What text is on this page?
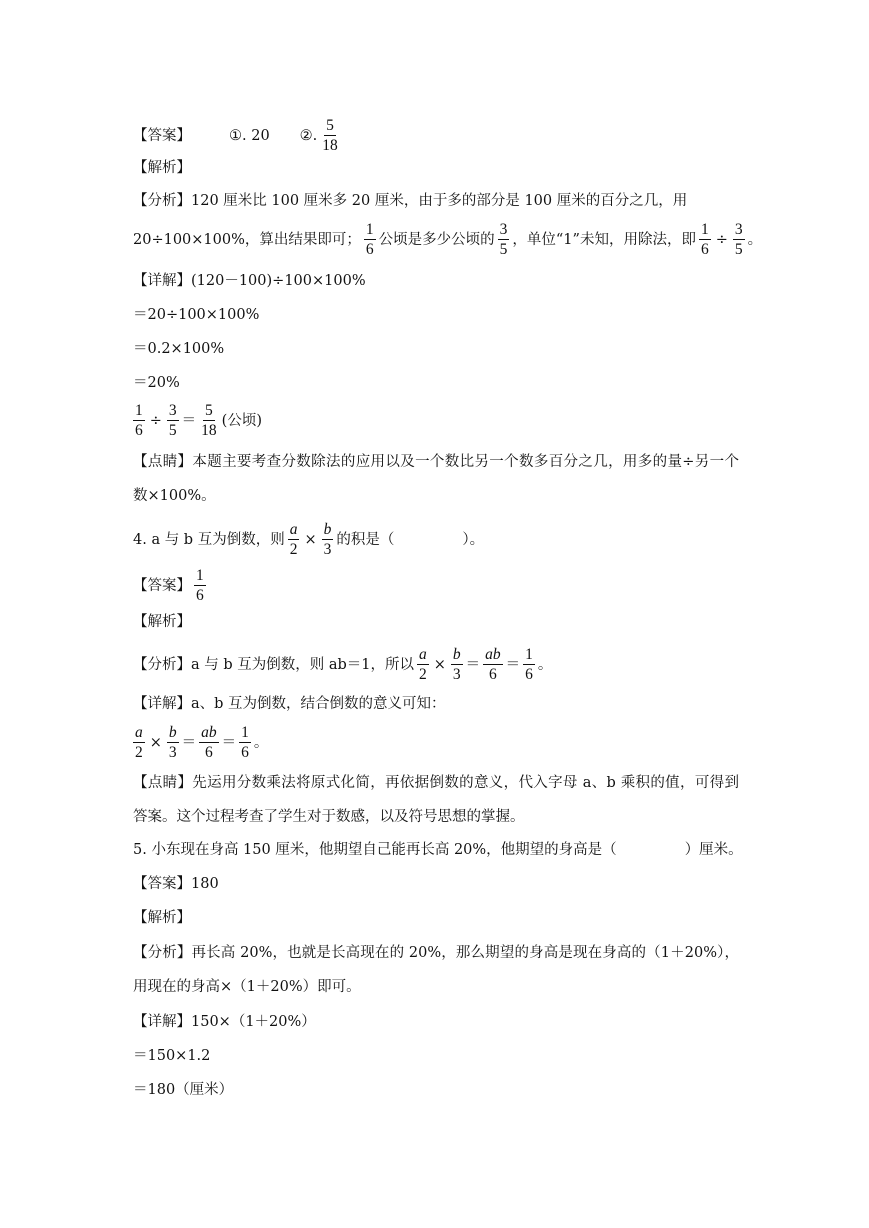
【答案】	①. 20 ②. $\frac{5}{18}$
【解析】
【分析】120 厘米比 100 厘米多 20 厘米，由于多的部分是 100 厘米的百分之几，用
20÷100×100%，算出结果即可； $\frac{1}{6}$ 公顷是多少公顷的 $\frac{3}{5}$ ，单位“1”未知，用除法，即 $\frac{1}{6} \div \frac{3}{5}$ 。
【详解】(120－100)÷100×100%
＝20÷100×100%
＝0.2×100%
＝20%
$\frac{1}{6} \div \frac{3}{5} = \frac{5}{18}$ (公顷)
【点睛】本题主要考查分数除法的应用以及一个数比另一个数多百分之几，用多的量÷另一个数×100%。
4. a 与 b 互为倒数，则 $\frac{a}{2} \times \frac{b}{3}$ 的积是（	）。
【答案】 $\frac{1}{6}$
【解析】
【分析】a 与 b 互为倒数，则 ab＝1，所以 $\frac{a}{2} \times \frac{b}{3} = \frac{ab}{6} = \frac{1}{6}$ 。
【详解】a、b 互为倒数，结合倒数的意义可知：
$\frac{a}{2} \times \frac{b}{3} = \frac{ab}{6} = \frac{1}{6}$ 。
【点睛】先运用分数乘法将原式化简，再依据倒数的意义，代入字母 a、b 乘积的值，可得到答案。这个过程考查了学生对于数感，以及符号思想的掌握。
5. 小东现在身高 150 厘米，他期望自己能再长高 20%，他期望的身高是（	）厘米。
【答案】180
【解析】
【分析】再长高 20%，也就是长高现在的 20%，那么期望的身高是现在身高的（1＋20%），用现在的身高×（1＋20%）即可。
【详解】150×（1＋20%）
＝150×1.2
＝180（厘米）
